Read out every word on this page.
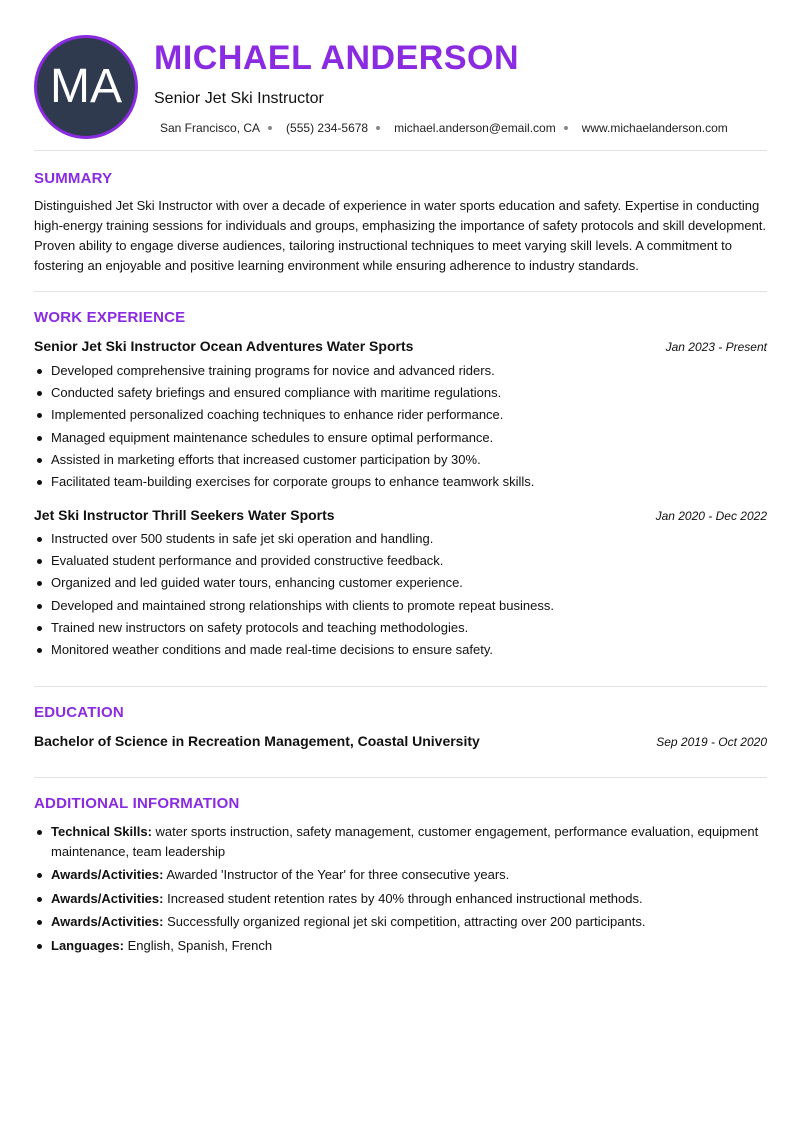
MA
MICHAEL ANDERSON
Senior Jet Ski Instructor
San Francisco, CA (555) 234-5678 michael.anderson@email.com www.michaelanderson.com
SUMMARY

Distinguished Jet Ski Instructor with over a decade of experience in water sports education and safety. Expertise in conducting high-energy training sessions for individuals and groups, emphasizing the importance of safety protocols and skill development. Proven ability to engage diverse audiences, tailoring instructional techniques to meet varying skill levels. A commitment to fostering an enjoyable and positive learning environment while ensuring adherence to industry standards.

WORK EXPERIENCE
Senior Jet Ski Instructor Ocean Adventures Water Sports	Jan 2023 - Present
Developed comprehensive training programs for novice and advanced riders.
Conducted safety briefings and ensured compliance with maritime regulations.
Implemented personalized coaching techniques to enhance rider performance.
Managed equipment maintenance schedules to ensure optimal performance.
Assisted in marketing efforts that increased customer participation by 30%.
Facilitated team-building exercises for corporate groups to enhance teamwork skills.
Jet Ski Instructor Thrill Seekers Water Sports	Jan 2020 - Dec 2022
Instructed over 500 students in safe jet ski operation and handling.
Evaluated student performance and provided constructive feedback.
Organized and led guided water tours, enhancing customer experience.
Developed and maintained strong relationships with clients to promote repeat business.
Trained new instructors on safety protocols and teaching methodologies.
Monitored weather conditions and made real-time decisions to ensure safety.
EDUCATION
Bachelor of Science in Recreation Management, Coastal University	Sep 2019 - Oct 2020
ADDITIONAL INFORMATION
Technical Skills: water sports instruction, safety management, customer engagement, performance evaluation, equipment maintenance, team leadership
Awards/Activities: Awarded 'Instructor of the Year' for three consecutive years.
Awards/Activities: Increased student retention rates by 40% through enhanced instructional methods.
Awards/Activities: Successfully organized regional jet ski competition, attracting over 200 participants.
Languages: English, Spanish, French
